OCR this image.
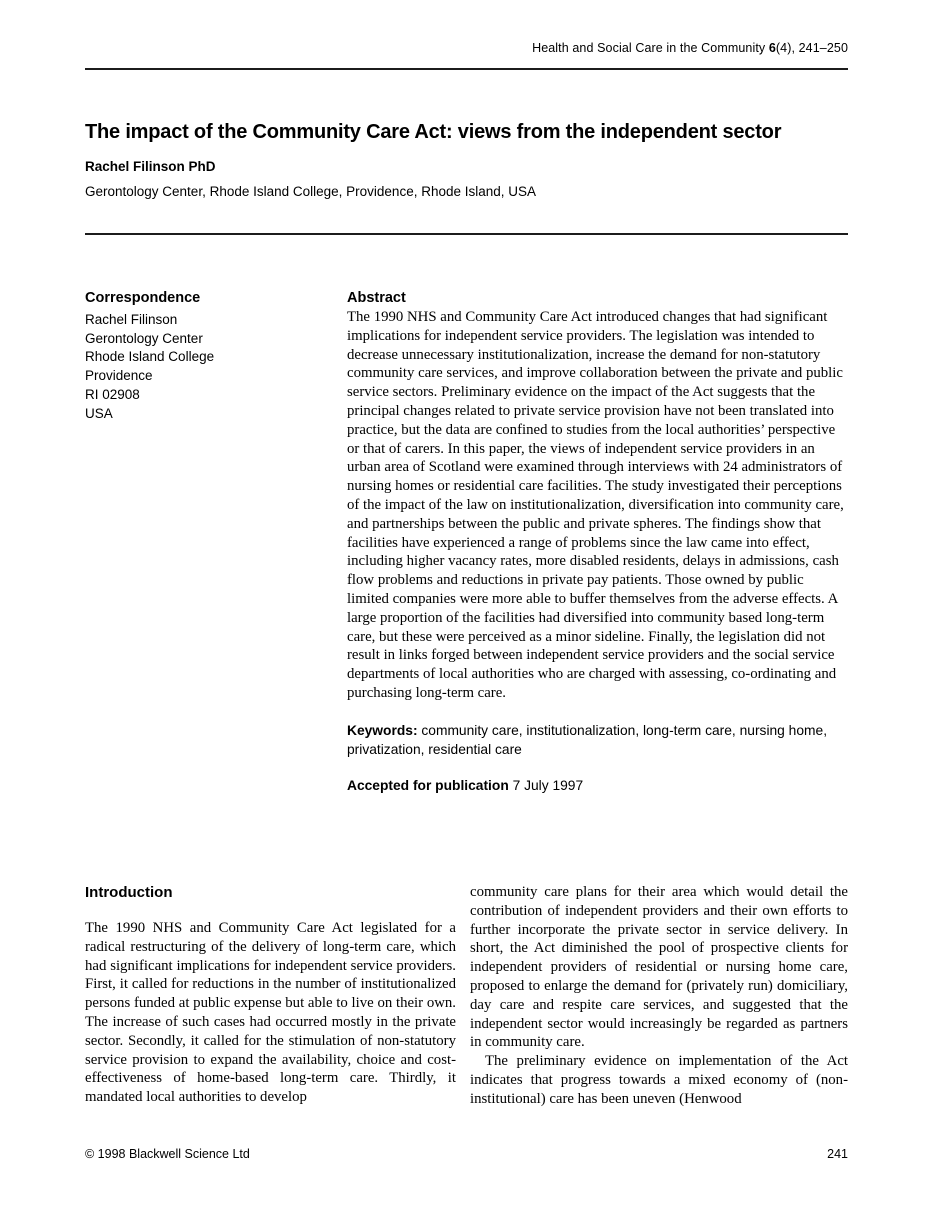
Health and Social Care in the Community 6(4), 241–250
The impact of the Community Care Act: views from the independent sector
Rachel Filinson PhD
Gerontology Center, Rhode Island College, Providence, Rhode Island, USA
Correspondence
Rachel Filinson
Gerontology Center
Rhode Island College
Providence
RI 02908
USA
Abstract

The 1990 NHS and Community Care Act introduced changes that had significant implications for independent service providers. The legislation was intended to decrease unnecessary institutionalization, increase the demand for non-statutory community care services, and improve collaboration between the private and public service sectors. Preliminary evidence on the impact of the Act suggests that the principal changes related to private service provision have not been translated into practice, but the data are confined to studies from the local authorities’ perspective or that of carers. In this paper, the views of independent service providers in an urban area of Scotland were examined through interviews with 24 administrators of nursing homes or residential care facilities. The study investigated their perceptions of the impact of the law on institutionalization, diversification into community care, and partnerships between the public and private spheres. The findings show that facilities have experienced a range of problems since the law came into effect, including higher vacancy rates, more disabled residents, delays in admissions, cash flow problems and reductions in private pay patients. Those owned by public limited companies were more able to buffer themselves from the adverse effects. A large proportion of the facilities had diversified into community based long-term care, but these were perceived as a minor sideline. Finally, the legislation did not result in links forged between independent service providers and the social service departments of local authorities who are charged with assessing, co-ordinating and purchasing long-term care.

Keywords: community care, institutionalization, long-term care, nursing home, privatization, residential care

Accepted for publication 7 July 1997

Introduction

The 1990 NHS and Community Care Act legislated for a radical restructuring of the delivery of long-term care, which had significant implications for independent service providers. First, it called for reductions in the number of institutionalized persons funded at public expense but able to live on their own. The increase of such cases had occurred mostly in the private sector. Secondly, it called for the stimulation of non-statutory service provision to expand the availability, choice and cost-effectiveness of home-based long-term care. Thirdly, it mandated local authorities to develop

community care plans for their area which would detail the contribution of independent providers and their own efforts to further incorporate the private sector in service delivery. In short, the Act diminished the pool of prospective clients for independent providers of residential or nursing home care, proposed to enlarge the demand for (privately run) domiciliary, day care and respite care services, and suggested that the independent sector would increasingly be regarded as partners in community care.

The preliminary evidence on implementation of the Act indicates that progress towards a mixed economy of (non-institutional) care has been uneven (Henwood

© 1998 Blackwell Science Ltd	241
